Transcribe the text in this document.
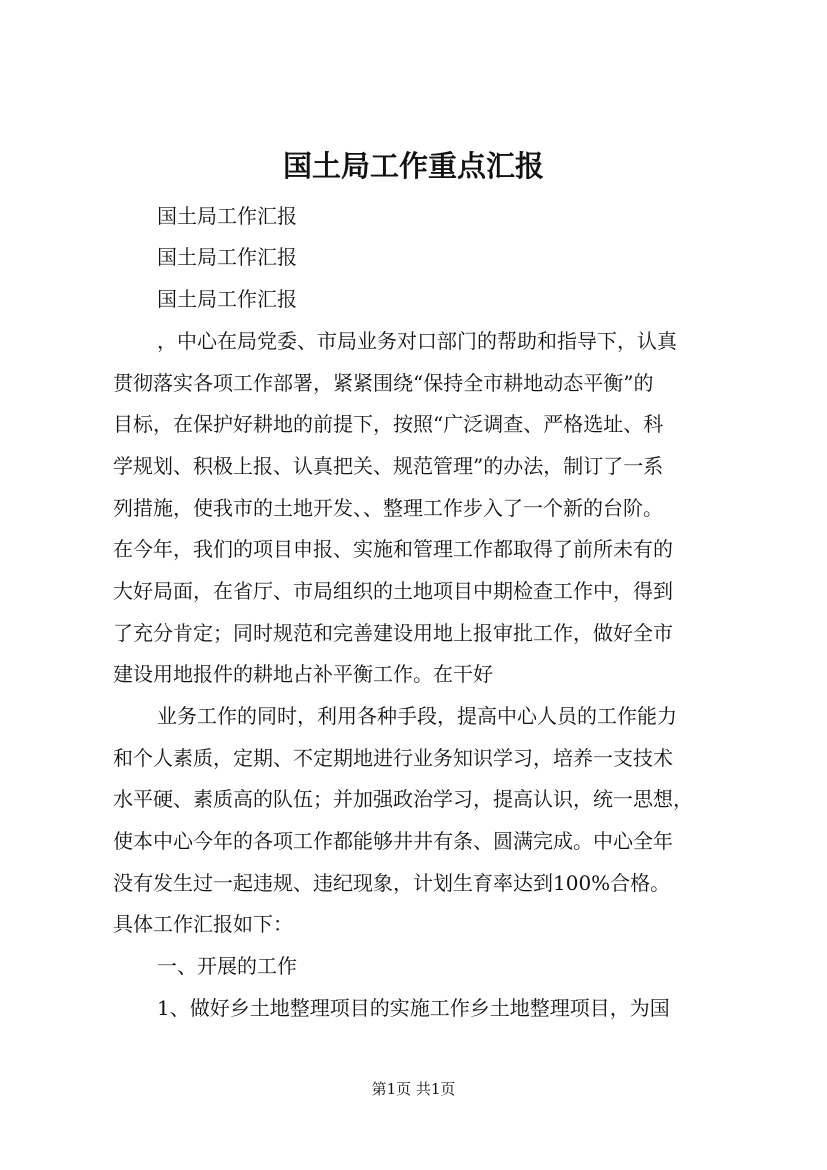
国土局工作重点汇报
国土局工作汇报
国土局工作汇报
国土局工作汇报
，中心在局党委、市局业务对口部门的帮助和指导下，认真
贯彻落实各项工作部署，紧紧围绕“保持全市耕地动态平衡”的
目标，在保护好耕地的前提下，按照“广泛调查、严格选址、科
学规划、积极上报、认真把关、规范管理”的办法，制订了一系
列措施，使我市的土地开发、、整理工作步入了一个新的台阶。
在今年，我们的项目申报、实施和管理工作都取得了前所未有的
大好局面，在省厅、市局组织的土地项目中期检查工作中，得到
了充分肯定；同时规范和完善建设用地上报审批工作，做好全市
建设用地报件的耕地占补平衡工作。在干好
业务工作的同时，利用各种手段，提高中心人员的工作能力
和个人素质，定期、不定期地进行业务知识学习，培养一支技术
水平硬、素质高的队伍；并加强政治学习，提高认识，统一思想，
使本中心今年的各项工作都能够井井有条、圆满完成。中心全年
没有发生过一起违规、违纪现象，计划生育率达到100%合格。
具体工作汇报如下：
一、开展的工作
1、做好乡土地整理项目的实施工作乡土地整理项目，为国
第1页 共1页
